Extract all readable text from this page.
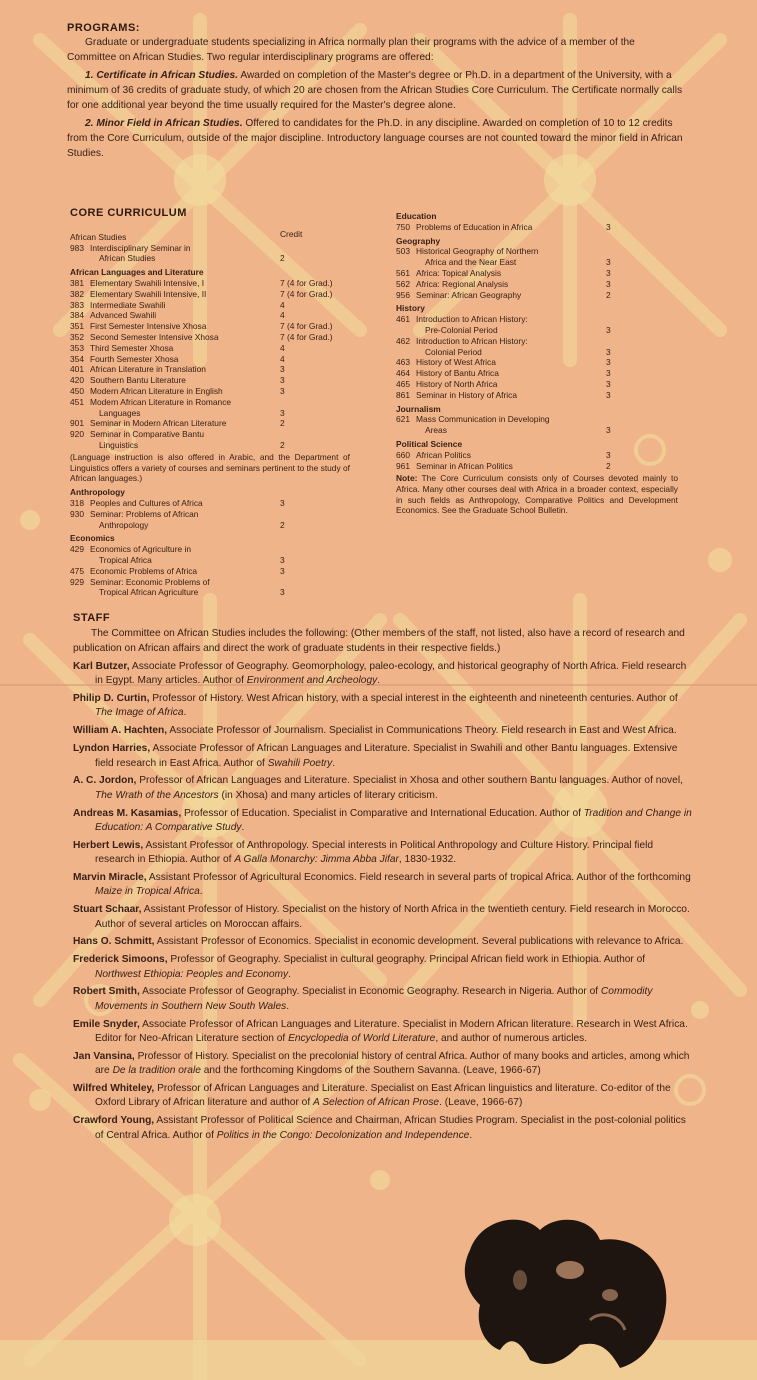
PROGRAMS:

Graduate or undergraduate students specializing in Africa normally plan their programs with the advice of a member of the Committee on African Studies. Two regular interdisciplinary programs are offered:

1. Certificate in African Studies. Awarded on completion of the Master's degree or Ph.D. in a department of the University, with a minimum of 36 credits of graduate study, of which 20 are chosen from the African Studies Core Curriculum. The Certificate normally calls for one additional year beyond the time usually required for the Master's degree alone.

2. Minor Field in African Studies. Offered to candidates for the Ph.D. in any discipline. Awarded on completion of 10 to 12 credits from the Core Curriculum, outside of the major discipline. Introductory language courses are not counted toward the minor field in African Studies.

CORE CURRICULUM
African Studies	Credit
983 Interdisciplinary Seminar in
African Studies	2
African Languages and Literature
381 Elementary Swahili Intensive, I	7 (4 for Grad.)
382 Elementary Swahili Intensive, II	7 (4 for Grad.)
383 Intermediate Swahili	4
384 Advanced Swahili	4
351 First Semester Intensive Xhosa	7 (4 for Grad.)
352 Second Semester Intensive Xhosa	7 (4 for Grad.)
353 Third Semester Xhosa	4
354 Fourth Semester Xhosa	4
401 African Literature in Translation	3
420 Southern Bantu Literature	3
450 Modern African Literature in English	3
451 Modern African Literature in Romance
Languages	3
901 Seminar in Modern African Literature	2
920 Seminar in Comparative Bantu
Linguistics	2
(Language instruction is also offered in Arabic, and the Department of Linguistics offers a variety of courses and seminars pertinent to the study of African languages.)
Anthropology
318 Peoples and Cultures of Africa	3
930 Seminar: Problems of African
Anthropology	2
Economics
429 Economics of Agriculture in
Tropical Africa	3
475 Economic Problems of Africa	3
929 Seminar: Economic Problems of
Tropical African Agriculture	3
Education
750 Problems of Education in Africa	3
Geography
503 Historical Geography of Northern
Africa and the Near East	3
561 Africa: Topical Analysis	3
562 Africa: Regional Analysis	3
956 Seminar: African Geography	2
History
461 Introduction to African History:
Pre-Colonial Period	3
462 Introduction to African History:
Colonial Period	3
463 History of West Africa	3
464 History of Bantu Africa	3
465 History of North Africa	3
861 Seminar in History of Africa	3
Journalism
621 Mass Communication in Developing
Areas	3
Political Science
660 African Politics	3
961 Seminar in African Politics	2
Note: The Core Curriculum consists only of Courses devoted mainly to Africa. Many other courses deal with Africa in a broader context, especially in such fields as Anthropology, Comparative Politics and Development Economics. See the Graduate School Bulletin.
STAFF

The Committee on African Studies includes the following: (Other members of the staff, not listed, also have a record of research and publication on African affairs and direct the work of graduate students in their respective fields.)

Karl Butzer, Associate Professor of Geography. Geomorphology, paleo-ecology, and historical geography of North Africa. Field research in Egypt. Many articles. Author of Environment and Archeology.
Philip D. Curtin, Professor of History. West African history, with a special interest in the eighteenth and nineteenth centuries. Author of The Image of Africa.
William A. Hachten, Associate Professor of Journalism. Specialist in Communications Theory. Field research in East and West Africa.
Lyndon Harries, Associate Professor of African Languages and Literature. Specialist in Swahili and other Bantu languages. Extensive field research in East Africa. Author of Swahili Poetry.
A. C. Jordon, Professor of African Languages and Literature. Specialist in Xhosa and other southern Bantu languages. Author of novel, The Wrath of the Ancestors (in Xhosa) and many articles of literary criticism.
Andreas M. Kasamias, Professor of Education. Specialist in Comparative and International Education. Author of Tradition and Change in Education: A Comparative Study.
Herbert Lewis, Assistant Professor of Anthropology. Special interests in Political Anthropology and Culture History. Principal field research in Ethiopia. Author of A Galla Monarchy: Jimma Abba Jifar, 1830-1932.
Marvin Miracle, Assistant Professor of Agricultural Economics. Field research in several parts of tropical Africa. Author of the forthcoming Maize in Tropical Africa.
Stuart Schaar, Assistant Professor of History. Specialist on the history of North Africa in the twentieth century. Field research in Morocco. Author of several articles on Moroccan affairs.
Hans O. Schmitt, Assistant Professor of Economics. Specialist in economic development. Several publications with relevance to Africa.
Frederick Simoons, Professor of Geography. Specialist in cultural geography. Principal African field work in Ethiopia. Author of Northwest Ethiopia: Peoples and Economy.
Robert Smith, Associate Professor of Geography. Specialist in Economic Geography. Research in Nigeria. Author of Commodity Movements in Southern New South Wales.
Emile Snyder, Associate Professor of African Languages and Literature. Specialist in Modern African literature. Research in West Africa. Editor for Neo-African Literature section of Encyclopedia of World Literature, and author of numerous articles.
Jan Vansina, Professor of History. Specialist on the precolonial history of central Africa. Author of many books and articles, among which are De la tradition orale and the forthcoming Kingdoms of the Southern Savanna. (Leave, 1966-67)
Wilfred Whiteley, Professor of African Languages and Literature. Specialist on East African linguistics and literature. Co-editor of the Oxford Library of African literature and author of A Selection of African Prose. (Leave, 1966-67)
Crawford Young, Assistant Professor of Political Science and Chairman, African Studies Program. Specialist in the post-colonial politics of Central Africa. Author of Politics in the Congo: Decolonization and Independence.
